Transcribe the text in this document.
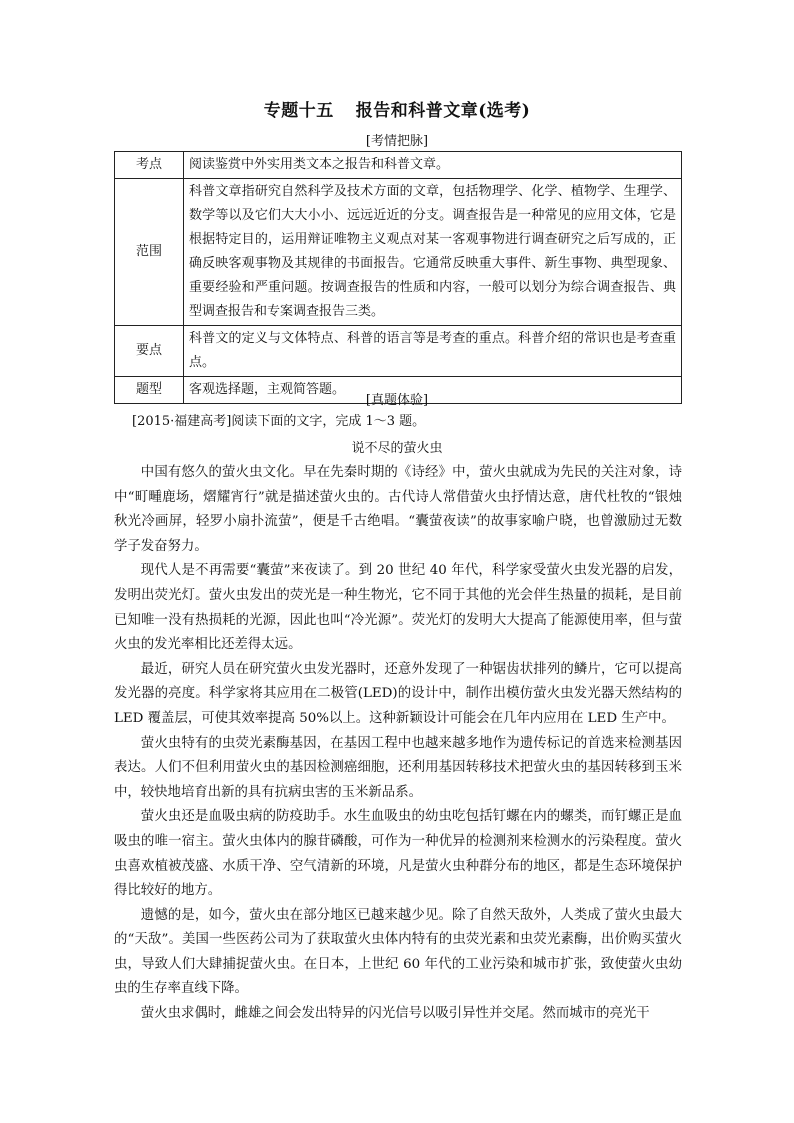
专题十五 报告和科普文章(选考)
[考情把脉]
考点	阅读鉴赏中外实用类文本之报告和科普文章。
范围	科普文章指研究自然科学及技术方面的文章，包括物理学、化学、植物学、生理学、数学等以及它们大大小小、远远近近的分支。调查报告是一种常见的应用文体，它是根据特定目的，运用辩证唯物主义观点对某一客观事物进行调查研究之后写成的，正确反映客观事物及其规律的书面报告。它通常反映重大事件、新生事物、典型现象、重要经验和严重问题。按调查报告的性质和内容，一般可以划分为综合调查报告、典型调查报告和专案调查报告三类。
要点	科普文的定义与文体特点、科普的语言等是考查的重点。科普介绍的常识也是考查重点。
题型	客观选择题，主观简答题。
[真题体验]
[2015·福建高考]阅读下面的文字，完成 1～3 题。
说不尽的萤火虫

中国有悠久的萤火虫文化。早在先秦时期的《诗经》中，萤火虫就成为先民的关注对象，诗中“町畽鹿场，熠耀宵行”就是描述萤火虫的。古代诗人常借萤火虫抒情达意，唐代杜牧的“银烛秋光冷画屏，轻罗小扇扑流萤”，便是千古绝唱。“囊萤夜读”的故事家喻户晓，也曾激励过无数学子发奋努力。

现代人是不再需要“囊萤”来夜读了。到 20 世纪 40 年代，科学家受萤火虫发光器的启发，发明出荧光灯。萤火虫发出的荧光是一种生物光，它不同于其他的光会伴生热量的损耗，是目前已知唯一没有热损耗的光源，因此也叫“冷光源”。荧光灯的发明大大提高了能源使用率，但与萤火虫的发光率相比还差得太远。

最近，研究人员在研究萤火虫发光器时，还意外发现了一种锯齿状排列的鳞片，它可以提高发光器的亮度。科学家将其应用在二极管(LED)的设计中，制作出模仿萤火虫发光器天然结构的 LED 覆盖层，可使其效率提高 50%以上。这种新颖设计可能会在几年内应用在 LED 生产中。

萤火虫特有的虫荧光素酶基因，在基因工程中也越来越多地作为遗传标记的首选来检测基因表达。人们不但利用萤火虫的基因检测癌细胞，还利用基因转移技术把萤火虫的基因转移到玉米中，较快地培育出新的具有抗病虫害的玉米新品系。

萤火虫还是血吸虫病的防疫助手。水生血吸虫的幼虫吃包括钉螺在内的螺类，而钉螺正是血吸虫的唯一宿主。萤火虫体内的腺苷磷酸，可作为一种优异的检测剂来检测水的污染程度。萤火虫喜欢植被茂盛、水质干净、空气清新的环境，凡是萤火虫种群分布的地区，都是生态环境保护得比较好的地方。

遗憾的是，如今，萤火虫在部分地区已越来越少见。除了自然天敌外，人类成了萤火虫最大的“天敌”。美国一些医药公司为了获取萤火虫体内特有的虫荧光素和虫荧光素酶，出价购买萤火虫，导致人们大肆捕捉萤火虫。在日本，上世纪 60 年代的工业污染和城市扩张，致使萤火虫幼虫的生存率直线下降。

萤火虫求偶时，雌雄之间会发出特异的闪光信号以吸引异性并交尾。然而城市的亮光干
